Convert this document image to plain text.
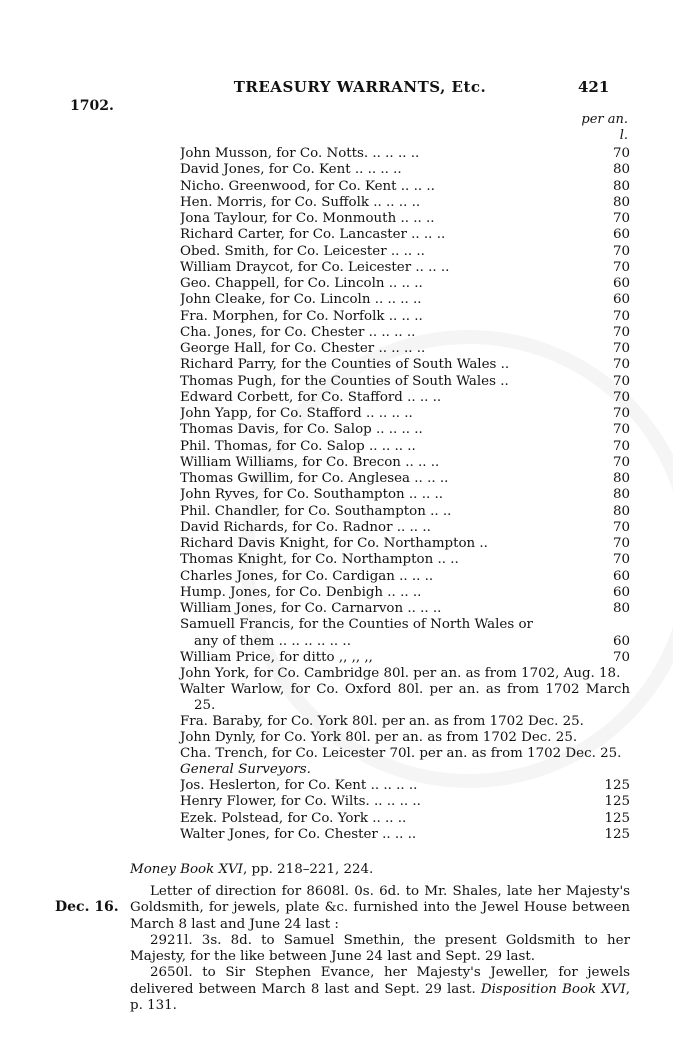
TREASURY WARRANTS, Etc.	421
1702.
per an.
l.
John Musson, for Co. Notts. .. .. .. ..	70
David Jones, for Co. Kent .. .. .. ..	80
Nicho. Greenwood, for Co. Kent .. .. ..	80
Hen. Morris, for Co. Suffolk .. .. .. ..	80
Jona Taylour, for Co. Monmouth .. .. ..	70
Richard Carter, for Co. Lancaster .. .. ..	60
Obed. Smith, for Co. Leicester .. .. ..	70
William Draycot, for Co. Leicester .. .. ..	70
Geo. Chappell, for Co. Lincoln .. .. ..	60
John Cleake, for Co. Lincoln .. .. .. ..	60
Fra. Morphen, for Co. Norfolk .. .. ..	70
Cha. Jones, for Co. Chester .. .. .. ..	70
George Hall, for Co. Chester .. .. .. ..	70
Richard Parry, for the Counties of South Wales ..	70
Thomas Pugh, for the Counties of South Wales ..	70
Edward Corbett, for Co. Stafford .. .. ..	70
John Yapp, for Co. Stafford .. .. .. ..	70
Thomas Davis, for Co. Salop .. .. .. ..	70
Phil. Thomas, for Co. Salop .. .. .. ..	70
William Williams, for Co. Brecon .. .. ..	70
Thomas Gwillim, for Co. Anglesea .. .. ..	80
John Ryves, for Co. Southampton .. .. ..	80
Phil. Chandler, for Co. Southampton .. ..	80
David Richards, for Co. Radnor .. .. ..	70
Richard Davis Knight, for Co. Northampton ..	70
Thomas Knight, for Co. Northampton .. ..	70
Charles Jones, for Co. Cardigan .. .. ..	60
Hump. Jones, for Co. Denbigh .. .. ..	60
William Jones, for Co. Carnarvon .. .. ..	80
Samuell Francis, for the Counties of North Wales or
any of them .. .. .. .. .. ..	60
William Price, for ditto ,, ,, ,,	70

John York, for Co. Cambridge 80l. per an. as from 1702, Aug. 18.

Walter Warlow, for Co. Oxford 80l. per an. as from 1702 March 25.

Fra. Baraby, for Co. York 80l. per an. as from 1702 Dec. 25.

John Dynly, for Co. York 80l. per an. as from 1702 Dec. 25.

Cha. Trench, for Co. Leicester 70l. per an. as from 1702 Dec. 25.

General Surveyors.
Jos. Heslerton, for Co. Kent .. .. .. ..	125
Henry Flower, for Co. Wilts. .. .. .. ..	125
Ezek. Polstead, for Co. York .. .. ..	125
Walter Jones, for Co. Chester .. .. ..	125
Money Book XVI, pp. 218–221, 224.
Dec. 16.

Letter of direction for 8608l. 0s. 6d. to Mr. Shales, late her Majesty's Goldsmith, for jewels, plate &c. furnished into the Jewel House between March 8 last and June 24 last :

2921l. 3s. 8d. to Samuel Smethin, the present Goldsmith to her Majesty, for the like between June 24 last and Sept. 29 last.

2650l. to Sir Stephen Evance, her Majesty's Jeweller, for jewels delivered between March 8 last and Sept. 29 last. Disposition Book XVI, p. 131.
